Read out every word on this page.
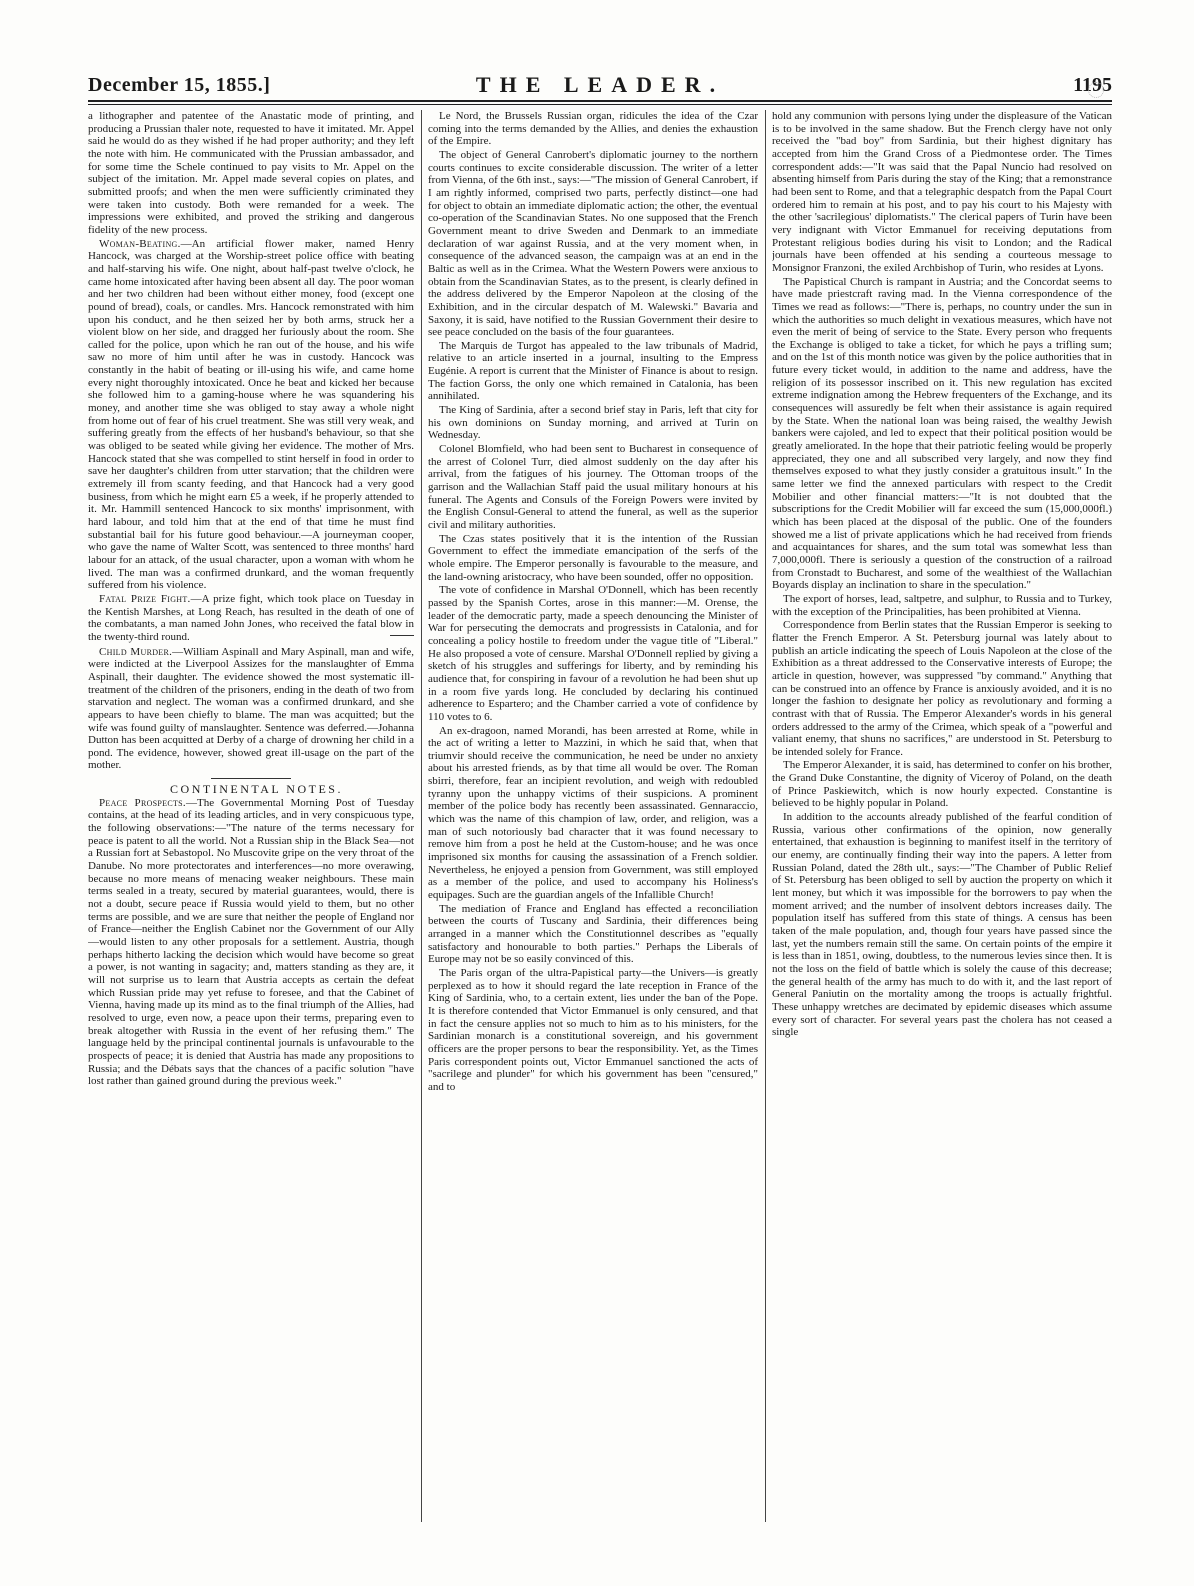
December 15, 1855.]	THE LEADER.	1195

a lithographer and patentee of the Anastatic mode of printing, and producing a Prussian thaler note, requested to have it imitated. Mr. Appel said he would do as they wished if he had proper authority; and they left the note with him. He communicated with the Prussian ambassador, and for some time the Schele continued to pay visits to Mr. Appel on the subject of the imitation. Mr. Appel made several copies on plates, and submitted proofs; and when the men were sufficiently criminated they were taken into custody. Both were remanded for a week. The impressions were exhibited, and proved the striking and dangerous fidelity of the new process.

Woman-Beating.—An artificial flower maker, named Henry Hancock, was charged at the Worship-street police office with beating and half-starving his wife. One night, about half-past twelve o'clock, he came home intoxicated after having been absent all day. The poor woman and her two children had been without either money, food (except one pound of bread), coals, or candles. Mrs. Hancock remonstrated with him upon his conduct, and he then seized her by both arms, struck her a violent blow on her side, and dragged her furiously about the room. She called for the police, upon which he ran out of the house, and his wife saw no more of him until after he was in custody. Hancock was constantly in the habit of beating or ill-using his wife, and came home every night thoroughly intoxicated. Once he beat and kicked her because she followed him to a gaming-house where he was squandering his money, and another time she was obliged to stay away a whole night from home out of fear of his cruel treatment. She was still very weak, and suffering greatly from the effects of her husband's behaviour, so that she was obliged to be seated while giving her evidence. The mother of Mrs. Hancock stated that she was compelled to stint herself in food in order to save her daughter's children from utter starvation; that the children were extremely ill from scanty feeding, and that Hancock had a very good business, from which he might earn £5 a week, if he properly attended to it. Mr. Hammill sentenced Hancock to six months' imprisonment, with hard labour, and told him that at the end of that time he must find substantial bail for his future good behaviour.—A journeyman cooper, who gave the name of Walter Scott, was sentenced to three months' hard labour for an attack, of the usual character, upon a woman with whom he lived. The man was a confirmed drunkard, and the woman frequently suffered from his violence.

Fatal Prize Fight.—A prize fight, which took place on Tuesday in the Kentish Marshes, at Long Reach, has resulted in the death of one of the combatants, a man named John Jones, who received the fatal blow in the twenty-third round.

Child Murder.—William Aspinall and Mary Aspinall, man and wife, were indicted at the Liverpool Assizes for the manslaughter of Emma Aspinall, their daughter. The evidence showed the most systematic ill-treatment of the children of the prisoners, ending in the death of two from starvation and neglect. The woman was a confirmed drunkard, and she appears to have been chiefly to blame. The man was acquitted; but the wife was found guilty of manslaughter. Sentence was deferred.—Johanna Dutton has been acquitted at Derby of a charge of drowning her child in a pond. The evidence, however, showed great ill-usage on the part of the mother.

CONTINENTAL NOTES.

Peace Prospects.—The Governmental Morning Post of Tuesday contains, at the head of its leading articles, and in very conspicuous type, the following observations:—"The nature of the terms necessary for peace is patent to all the world. Not a Russian ship in the Black Sea—not a Russian fort at Sebastopol. No Muscovite gripe on the very throat of the Danube. No more protectorates and interferences—no more overawing, because no more means of menacing weaker neighbours. These main terms sealed in a treaty, secured by material guarantees, would, there is not a doubt, secure peace if Russia would yield to them, but no other terms are possible, and we are sure that neither the people of England nor of France—neither the English Cabinet nor the Government of our Ally—would listen to any other proposals for a settlement. Austria, though perhaps hitherto lacking the decision which would have become so great a power, is not wanting in sagacity; and, matters standing as they are, it will not surprise us to learn that Austria accepts as certain the defeat which Russian pride may yet refuse to foresee, and that the Cabinet of Vienna, having made up its mind as to the final triumph of the Allies, had resolved to urge, even now, a peace upon their terms, preparing even to break altogether with Russia in the event of her refusing them." The language held by the principal continental journals is unfavourable to the prospects of peace; it is denied that Austria has made any propositions to Russia; and the Débats says that the chances of a pacific solution "have lost rather than gained ground during the previous week."

Le Nord, the Brussels Russian organ, ridicules the idea of the Czar coming into the terms demanded by the Allies, and denies the exhaustion of the Empire.

The object of General Canrobert's diplomatic journey to the northern courts continues to excite considerable discussion. The writer of a letter from Vienna, of the 6th inst., says:—"The mission of General Canrobert, if I am rightly informed, comprised two parts, perfectly distinct—one had for object to obtain an immediate diplomatic action; the other, the eventual co-operation of the Scandinavian States. No one supposed that the French Government meant to drive Sweden and Denmark to an immediate declaration of war against Russia, and at the very moment when, in consequence of the advanced season, the campaign was at an end in the Baltic as well as in the Crimea. What the Western Powers were anxious to obtain from the Scandinavian States, as to the present, is clearly defined in the address delivered by the Emperor Napoleon at the closing of the Exhibition, and in the circular despatch of M. Walewski." Bavaria and Saxony, it is said, have notified to the Russian Government their desire to see peace concluded on the basis of the four guarantees.

The Marquis de Turgot has appealed to the law tribunals of Madrid, relative to an article inserted in a journal, insulting to the Empress Eugénie. A report is current that the Minister of Finance is about to resign. The faction Gorss, the only one which remained in Catalonia, has been annihilated.

The King of Sardinia, after a second brief stay in Paris, left that city for his own dominions on Sunday morning, and arrived at Turin on Wednesday.

Colonel Blomfield, who had been sent to Bucharest in consequence of the arrest of Colonel Turr, died almost suddenly on the day after his arrival, from the fatigues of his journey. The Ottoman troops of the garrison and the Wallachian Staff paid the usual military honours at his funeral. The Agents and Consuls of the Foreign Powers were invited by the English Consul-General to attend the funeral, as well as the superior civil and military authorities.

The Czas states positively that it is the intention of the Russian Government to effect the immediate emancipation of the serfs of the whole empire. The Emperor personally is favourable to the measure, and the land-owning aristocracy, who have been sounded, offer no opposition.

The vote of confidence in Marshal O'Donnell, which has been recently passed by the Spanish Cortes, arose in this manner:—M. Orense, the leader of the democratic party, made a speech denouncing the Minister of War for persecuting the democrats and progressists in Catalonia, and for concealing a policy hostile to freedom under the vague title of "Liberal." He also proposed a vote of censure. Marshal O'Donnell replied by giving a sketch of his struggles and sufferings for liberty, and by reminding his audience that, for conspiring in favour of a revolution he had been shut up in a room five yards long. He concluded by declaring his continued adherence to Espartero; and the Chamber carried a vote of confidence by 110 votes to 6.

An ex-dragoon, named Morandi, has been arrested at Rome, while in the act of writing a letter to Mazzini, in which he said that, when that triumvir should receive the communication, he need be under no anxiety about his arrested friends, as by that time all would be over. The Roman sbirri, therefore, fear an incipient revolution, and weigh with redoubled tyranny upon the unhappy victims of their suspicions. A prominent member of the police body has recently been assassinated. Gennaraccio, which was the name of this champion of law, order, and religion, was a man of such notoriously bad character that it was found necessary to remove him from a post he held at the Custom-house; and he was once imprisoned six months for causing the assassination of a French soldier. Nevertheless, he enjoyed a pension from Government, was still employed as a member of the police, and used to accompany his Holiness's equipages. Such are the guardian angels of the Infallible Church!

The mediation of France and England has effected a reconciliation between the courts of Tuscany and Sardinia, their differences being arranged in a manner which the Constitutionnel describes as "equally satisfactory and honourable to both parties." Perhaps the Liberals of Europe may not be so easily convinced of this.

The Paris organ of the ultra-Papistical party—the Univers—is greatly perplexed as to how it should regard the late reception in France of the King of Sardinia, who, to a certain extent, lies under the ban of the Pope. It is therefore contended that Victor Emmanuel is only censured, and that in fact the censure applies not so much to him as to his ministers, for the Sardinian monarch is a constitutional sovereign, and his government officers are the proper persons to bear the responsibility. Yet, as the Times Paris correspondent points out, Victor Emmanuel sanctioned the acts of "sacrilege and plunder" for which his government has been "censured," and to

hold any communion with persons lying under the displeasure of the Vatican is to be involved in the same shadow. But the French clergy have not only received the "bad boy" from Sardinia, but their highest dignitary has accepted from him the Grand Cross of a Piedmontese order. The Times correspondent adds:—"It was said that the Papal Nuncio had resolved on absenting himself from Paris during the stay of the King; that a remonstrance had been sent to Rome, and that a telegraphic despatch from the Papal Court ordered him to remain at his post, and to pay his court to his Majesty with the other 'sacrilegious' diplomatists." The clerical papers of Turin have been very indignant with Victor Emmanuel for receiving deputations from Protestant religious bodies during his visit to London; and the Radical journals have been offended at his sending a courteous message to Monsignor Franzoni, the exiled Archbishop of Turin, who resides at Lyons.

The Papistical Church is rampant in Austria; and the Concordat seems to have made priestcraft raving mad. In the Vienna correspondence of the Times we read as follows:—"There is, perhaps, no country under the sun in which the authorities so much delight in vexatious measures, which have not even the merit of being of service to the State. Every person who frequents the Exchange is obliged to take a ticket, for which he pays a trifling sum; and on the 1st of this month notice was given by the police authorities that in future every ticket would, in addition to the name and address, have the religion of its possessor inscribed on it. This new regulation has excited extreme indignation among the Hebrew frequenters of the Exchange, and its consequences will assuredly be felt when their assistance is again required by the State. When the national loan was being raised, the wealthy Jewish bankers were cajoled, and led to expect that their political position would be greatly ameliorated. In the hope that their patriotic feeling would be properly appreciated, they one and all subscribed very largely, and now they find themselves exposed to what they justly consider a gratuitous insult." In the same letter we find the annexed particulars with respect to the Credit Mobilier and other financial matters:—"It is not doubted that the subscriptions for the Credit Mobilier will far exceed the sum (15,000,000fl.) which has been placed at the disposal of the public. One of the founders showed me a list of private applications which he had received from friends and acquaintances for shares, and the sum total was somewhat less than 7,000,000fl. There is seriously a question of the construction of a railroad from Cronstadt to Bucharest, and some of the wealthiest of the Wallachian Boyards display an inclination to share in the speculation."

The export of horses, lead, saltpetre, and sulphur, to Russia and to Turkey, with the exception of the Principalities, has been prohibited at Vienna.

Correspondence from Berlin states that the Russian Emperor is seeking to flatter the French Emperor. A St. Petersburg journal was lately about to publish an article indicating the speech of Louis Napoleon at the close of the Exhibition as a threat addressed to the Conservative interests of Europe; the article in question, however, was suppressed "by command." Anything that can be construed into an offence by France is anxiously avoided, and it is no longer the fashion to designate her policy as revolutionary and forming a contrast with that of Russia. The Emperor Alexander's words in his general orders addressed to the army of the Crimea, which speak of a "powerful and valiant enemy, that shuns no sacrifices," are understood in St. Petersburg to be intended solely for France.

The Emperor Alexander, it is said, has determined to confer on his brother, the Grand Duke Constantine, the dignity of Viceroy of Poland, on the death of Prince Paskiewitch, which is now hourly expected. Constantine is believed to be highly popular in Poland.

In addition to the accounts already published of the fearful condition of Russia, various other confirmations of the opinion, now generally entertained, that exhaustion is beginning to manifest itself in the territory of our enemy, are continually finding their way into the papers. A letter from Russian Poland, dated the 28th ult., says:—"The Chamber of Public Relief of St. Petersburg has been obliged to sell by auction the property on which it lent money, but which it was impossible for the borrowers to pay when the moment arrived; and the number of insolvent debtors increases daily. The population itself has suffered from this state of things. A census has been taken of the male population, and, though four years have passed since the last, yet the numbers remain still the same. On certain points of the empire it is less than in 1851, owing, doubtless, to the numerous levies since then. It is not the loss on the field of battle which is solely the cause of this decrease; the general health of the army has much to do with it, and the last report of General Paniutin on the mortality among the troops is actually frightful. These unhappy wretches are decimated by epidemic diseases which assume every sort of character. For several years past the cholera has not ceased a single
